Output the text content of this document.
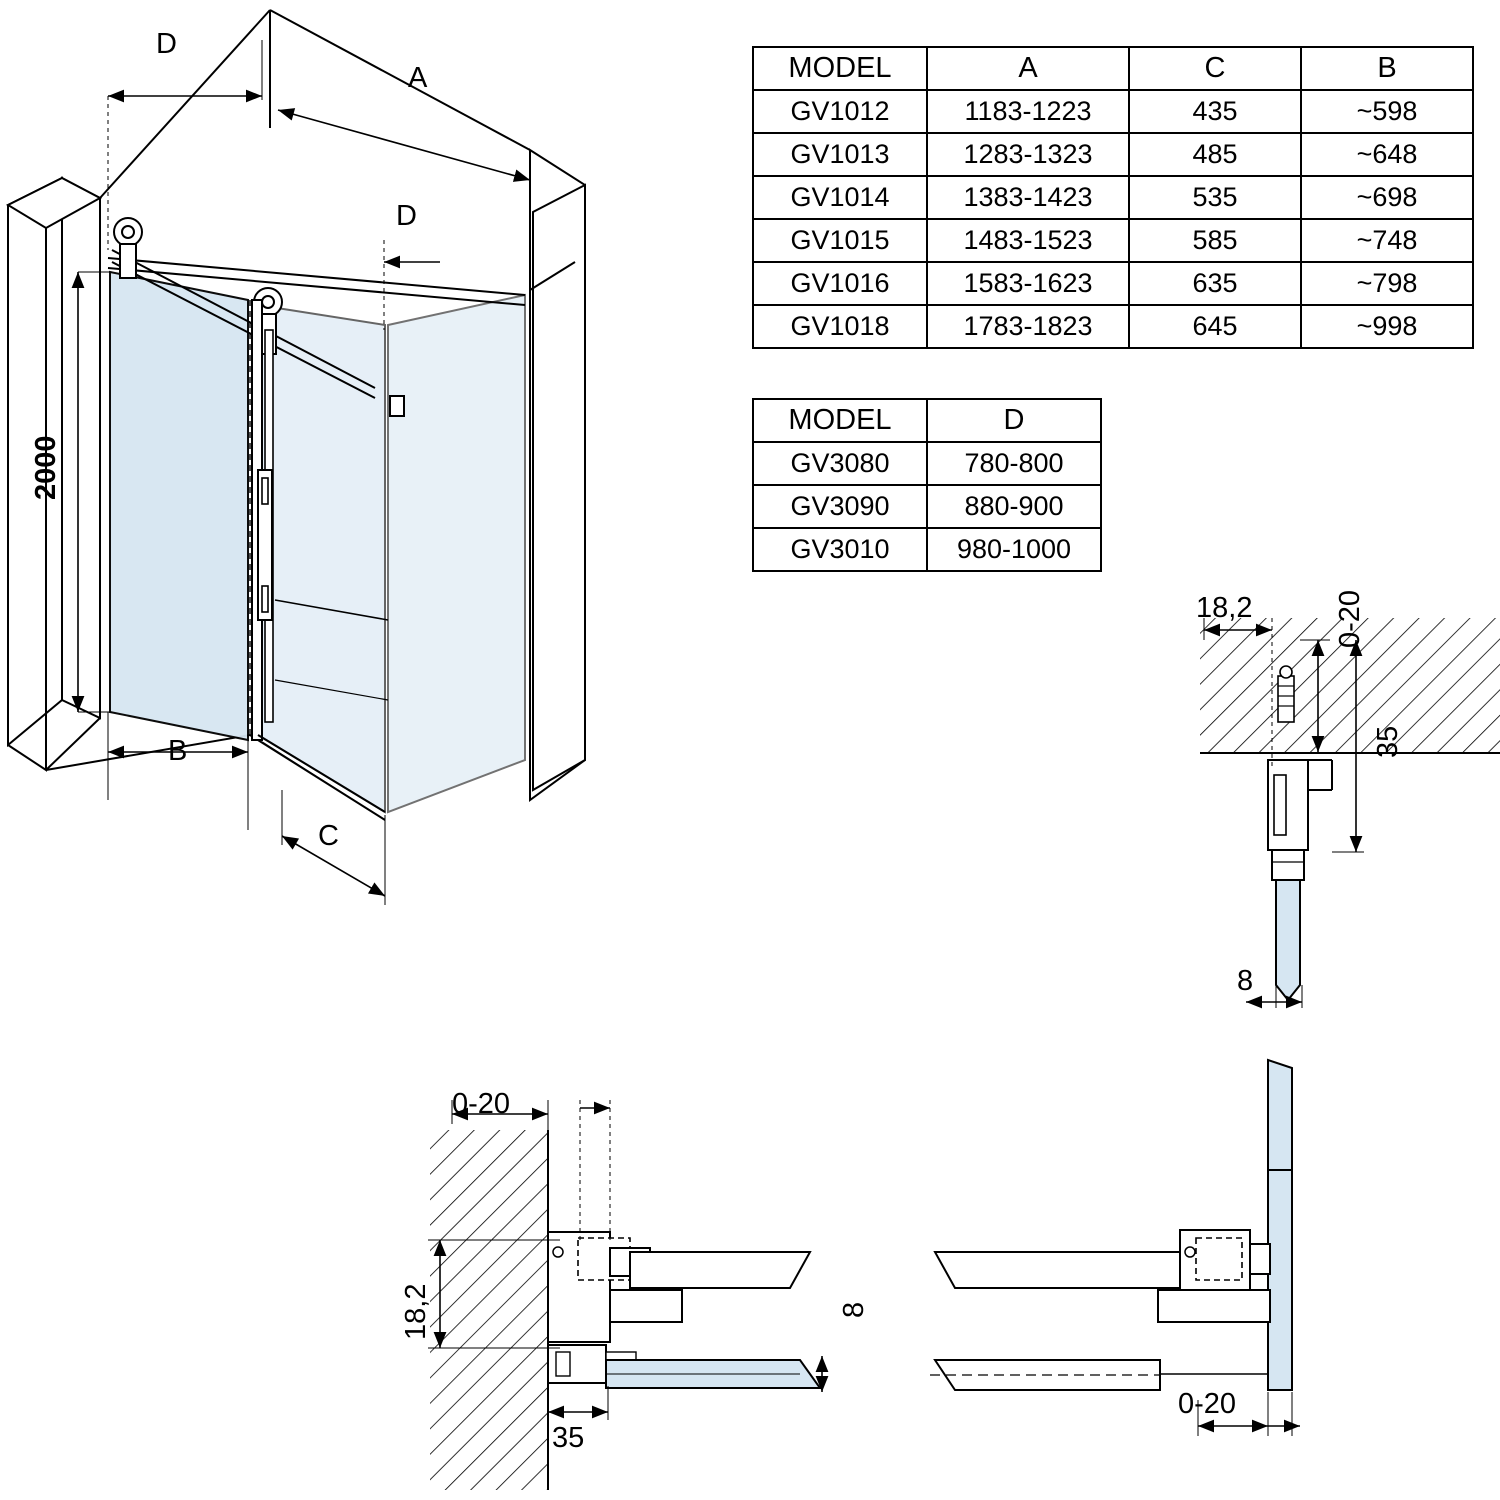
D
A
D
2000
B
C
18,2	0-20
35
8
0-20
18,2	8
35
0-20
MODEL	A	C	B
GV1012	1183-1223	435	~598
GV1013	1283-1323	485	~648
GV1014	1383-1423	535	~698
GV1015	1483-1523	585	~748
GV1016	1583-1623	635	~798
GV1018	1783-1823	645	~998
MODEL	D
GV3080	780-800
GV3090	880-900
GV3010	980-1000
